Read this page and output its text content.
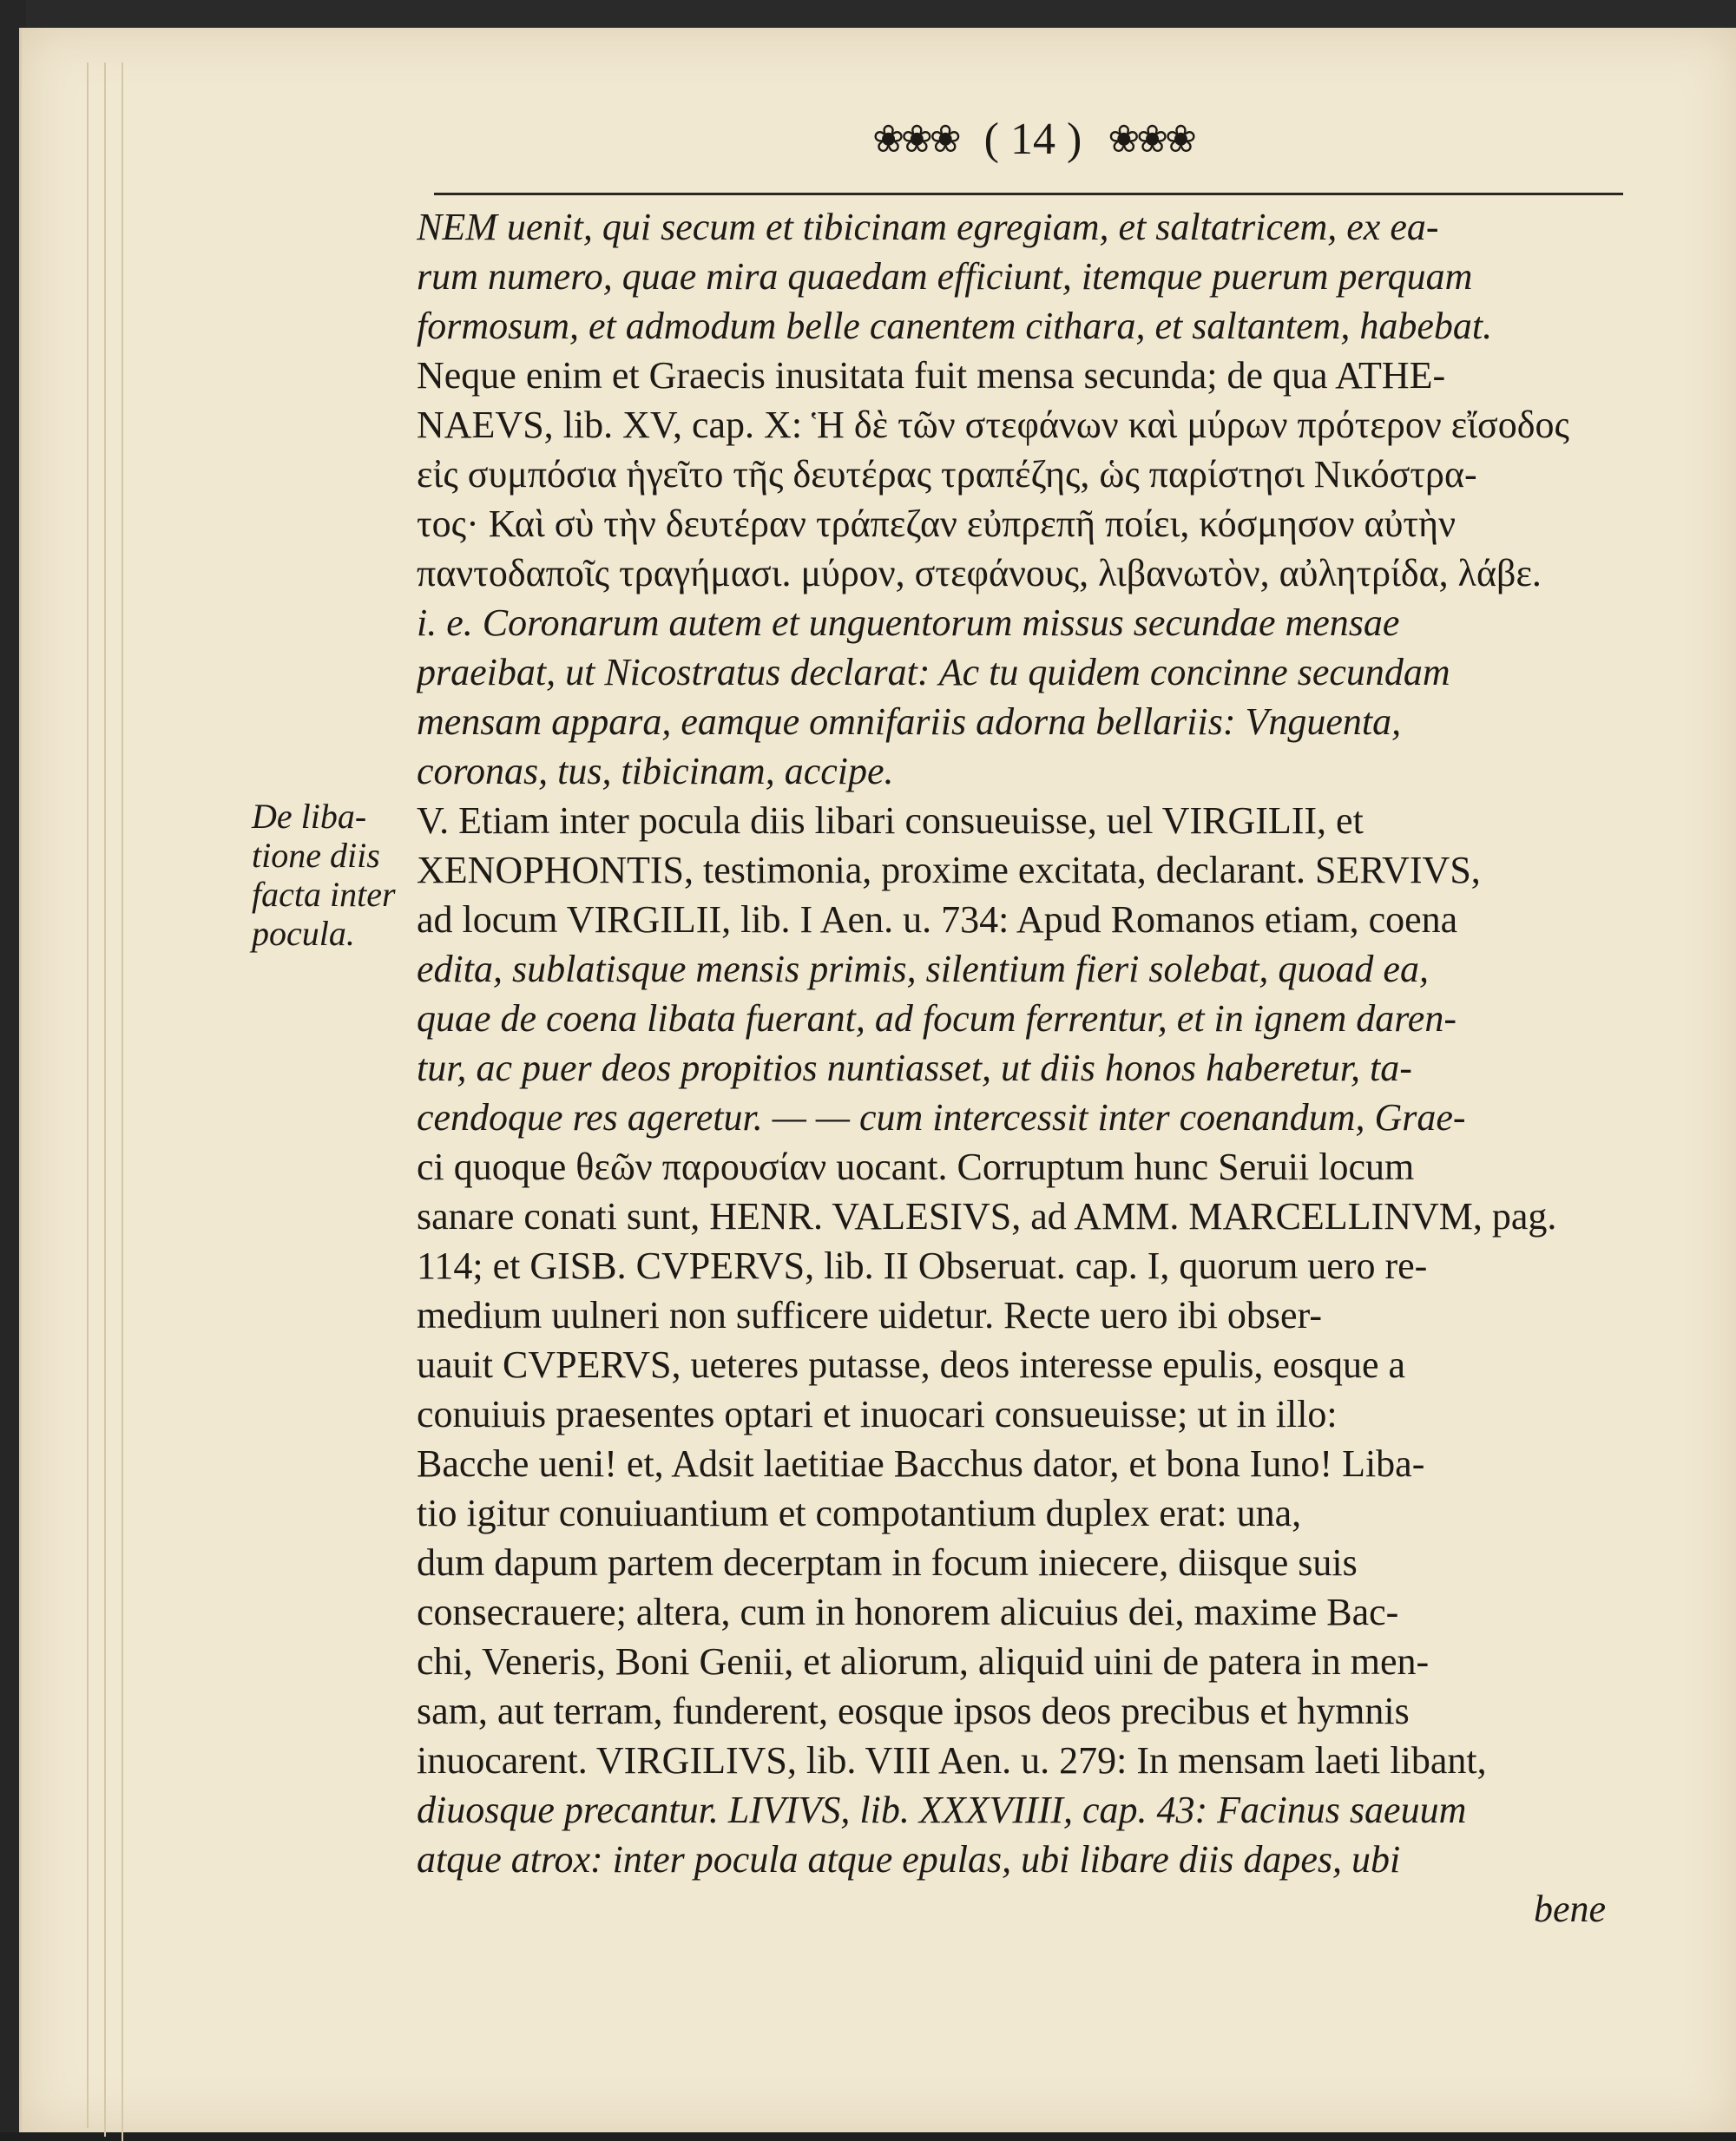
❀❀❀ ( 14 ) ❀❀❀
De liba-
tione diis
facta inter
pocula.
NEM uenit, qui secum et tibicinam egregiam, et saltatricem, ex ea-
rum numero, quae mira quaedam efficiunt, itemque puerum perquam
formosum, et admodum belle canentem cithara, et saltantem, habebat.
Neque enim et Graecis inusitata fuit mensa secunda; de qua ATHE-
NAEVS, lib. XV, cap. X: Ἡ δὲ τῶν στεφάνων καὶ μύρων πρότερον εἴσοδος
εἰς συμπόσια ἡγεῖτο τῆς δευτέρας τραπέζης, ὡς παρίστησι Νικόστρα-
τος· Καὶ σὺ τὴν δευτέραν τράπεζαν εὐπρεπῆ ποίει, κόσμησον αὐτὴν
παντοδαποῖς τραγήμασι. μύρον, στεφάνους, λιβανωτὸν, αὐλητρίδα, λάβε.
i. e. Coronarum autem et unguentorum missus secundae mensae
praeibat, ut Nicostratus declarat: Ac tu quidem concinne secundam
mensam appara, eamque omnifariis adorna bellariis: Vnguenta,
coronas, tus, tibicinam, accipe.
V. Etiam inter pocula diis libari consueuisse, uel VIRGILII, et
XENOPHONTIS, testimonia, proxime excitata, declarant. SERVIVS,
ad locum VIRGILII, lib. I Aen. u. 734: Apud Romanos etiam, coena
edita, sublatisque mensis primis, silentium fieri solebat, quoad ea,
quae de coena libata fuerant, ad focum ferrentur, et in ignem daren-
tur, ac puer deos propitios nuntiasset, ut diis honos haberetur, ta-
cendoque res ageretur. — — cum intercessit inter coenandum, Grae-
ci quoque θεῶν παρουσίαν uocant. Corruptum hunc Seruii locum
sanare conati sunt, HENR. VALESIVS, ad AMM. MARCELLINVM, pag.
114; et GISB. CVPERVS, lib. II Obseruat. cap. I, quorum uero re-
medium uulneri non sufficere uidetur. Recte uero ibi obser-
uauit CVPERVS, ueteres putasse, deos interesse epulis, eosque a
conuiuis praesentes optari et inuocari consueuisse; ut in illo:
Bacche ueni! et, Adsit laetitiae Bacchus dator, et bona Iuno! Liba-
tio igitur conuiuantium et compotantium duplex erat: una,
dum dapum partem decerptam in focum iniecere, diisque suis
consecrauere; altera, cum in honorem alicuius dei, maxime Bac-
chi, Veneris, Boni Genii, et aliorum, aliquid uini de patera in men-
sam, aut terram, funderent, eosque ipsos deos precibus et hymnis
inuocarent. VIRGILIVS, lib. VIII Aen. u. 279: In mensam laeti libant,
diuosque precantur. LIVIVS, lib. XXXVIIII, cap. 43: Facinus saeuum
atque atrox: inter pocula atque epulas, ubi libare diis dapes, ubi
bene
